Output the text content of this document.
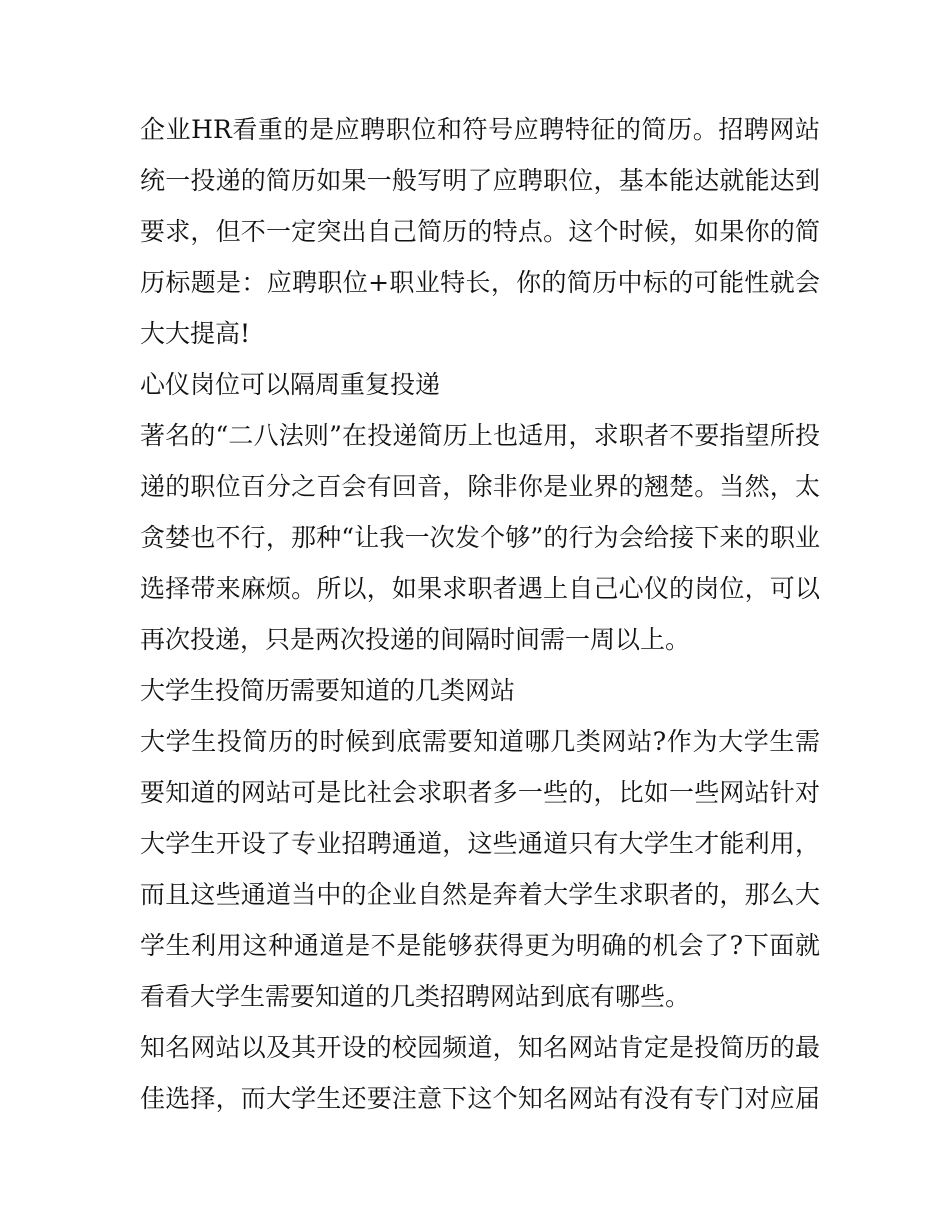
企业HR看重的是应聘职位和符号应聘特征的简历。招聘网站
统一投递的简历如果一般写明了应聘职位，基本能达就能达到
要求，但不一定突出自己简历的特点。这个时候，如果你的简
历标题是：应聘职位+职业特长，你的简历中标的可能性就会
大大提高!
心仪岗位可以隔周重复投递
著名的“二八法则”在投递简历上也适用，求职者不要指望所投
递的职位百分之百会有回音，除非你是业界的翘楚。当然，太
贪婪也不行，那种“让我一次发个够”的行为会给接下来的职业
选择带来麻烦。所以，如果求职者遇上自己心仪的岗位，可以
再次投递，只是两次投递的间隔时间需一周以上。
大学生投简历需要知道的几类网站
大学生投简历的时候到底需要知道哪几类网站?作为大学生需
要知道的网站可是比社会求职者多一些的，比如一些网站针对
大学生开设了专业招聘通道，这些通道只有大学生才能利用，
而且这些通道当中的企业自然是奔着大学生求职者的，那么大
学生利用这种通道是不是能够获得更为明确的机会了?下面就
看看大学生需要知道的几类招聘网站到底有哪些。
知名网站以及其开设的校园频道，知名网站肯定是投简历的最
佳选择，而大学生还要注意下这个知名网站有没有专门对应届
